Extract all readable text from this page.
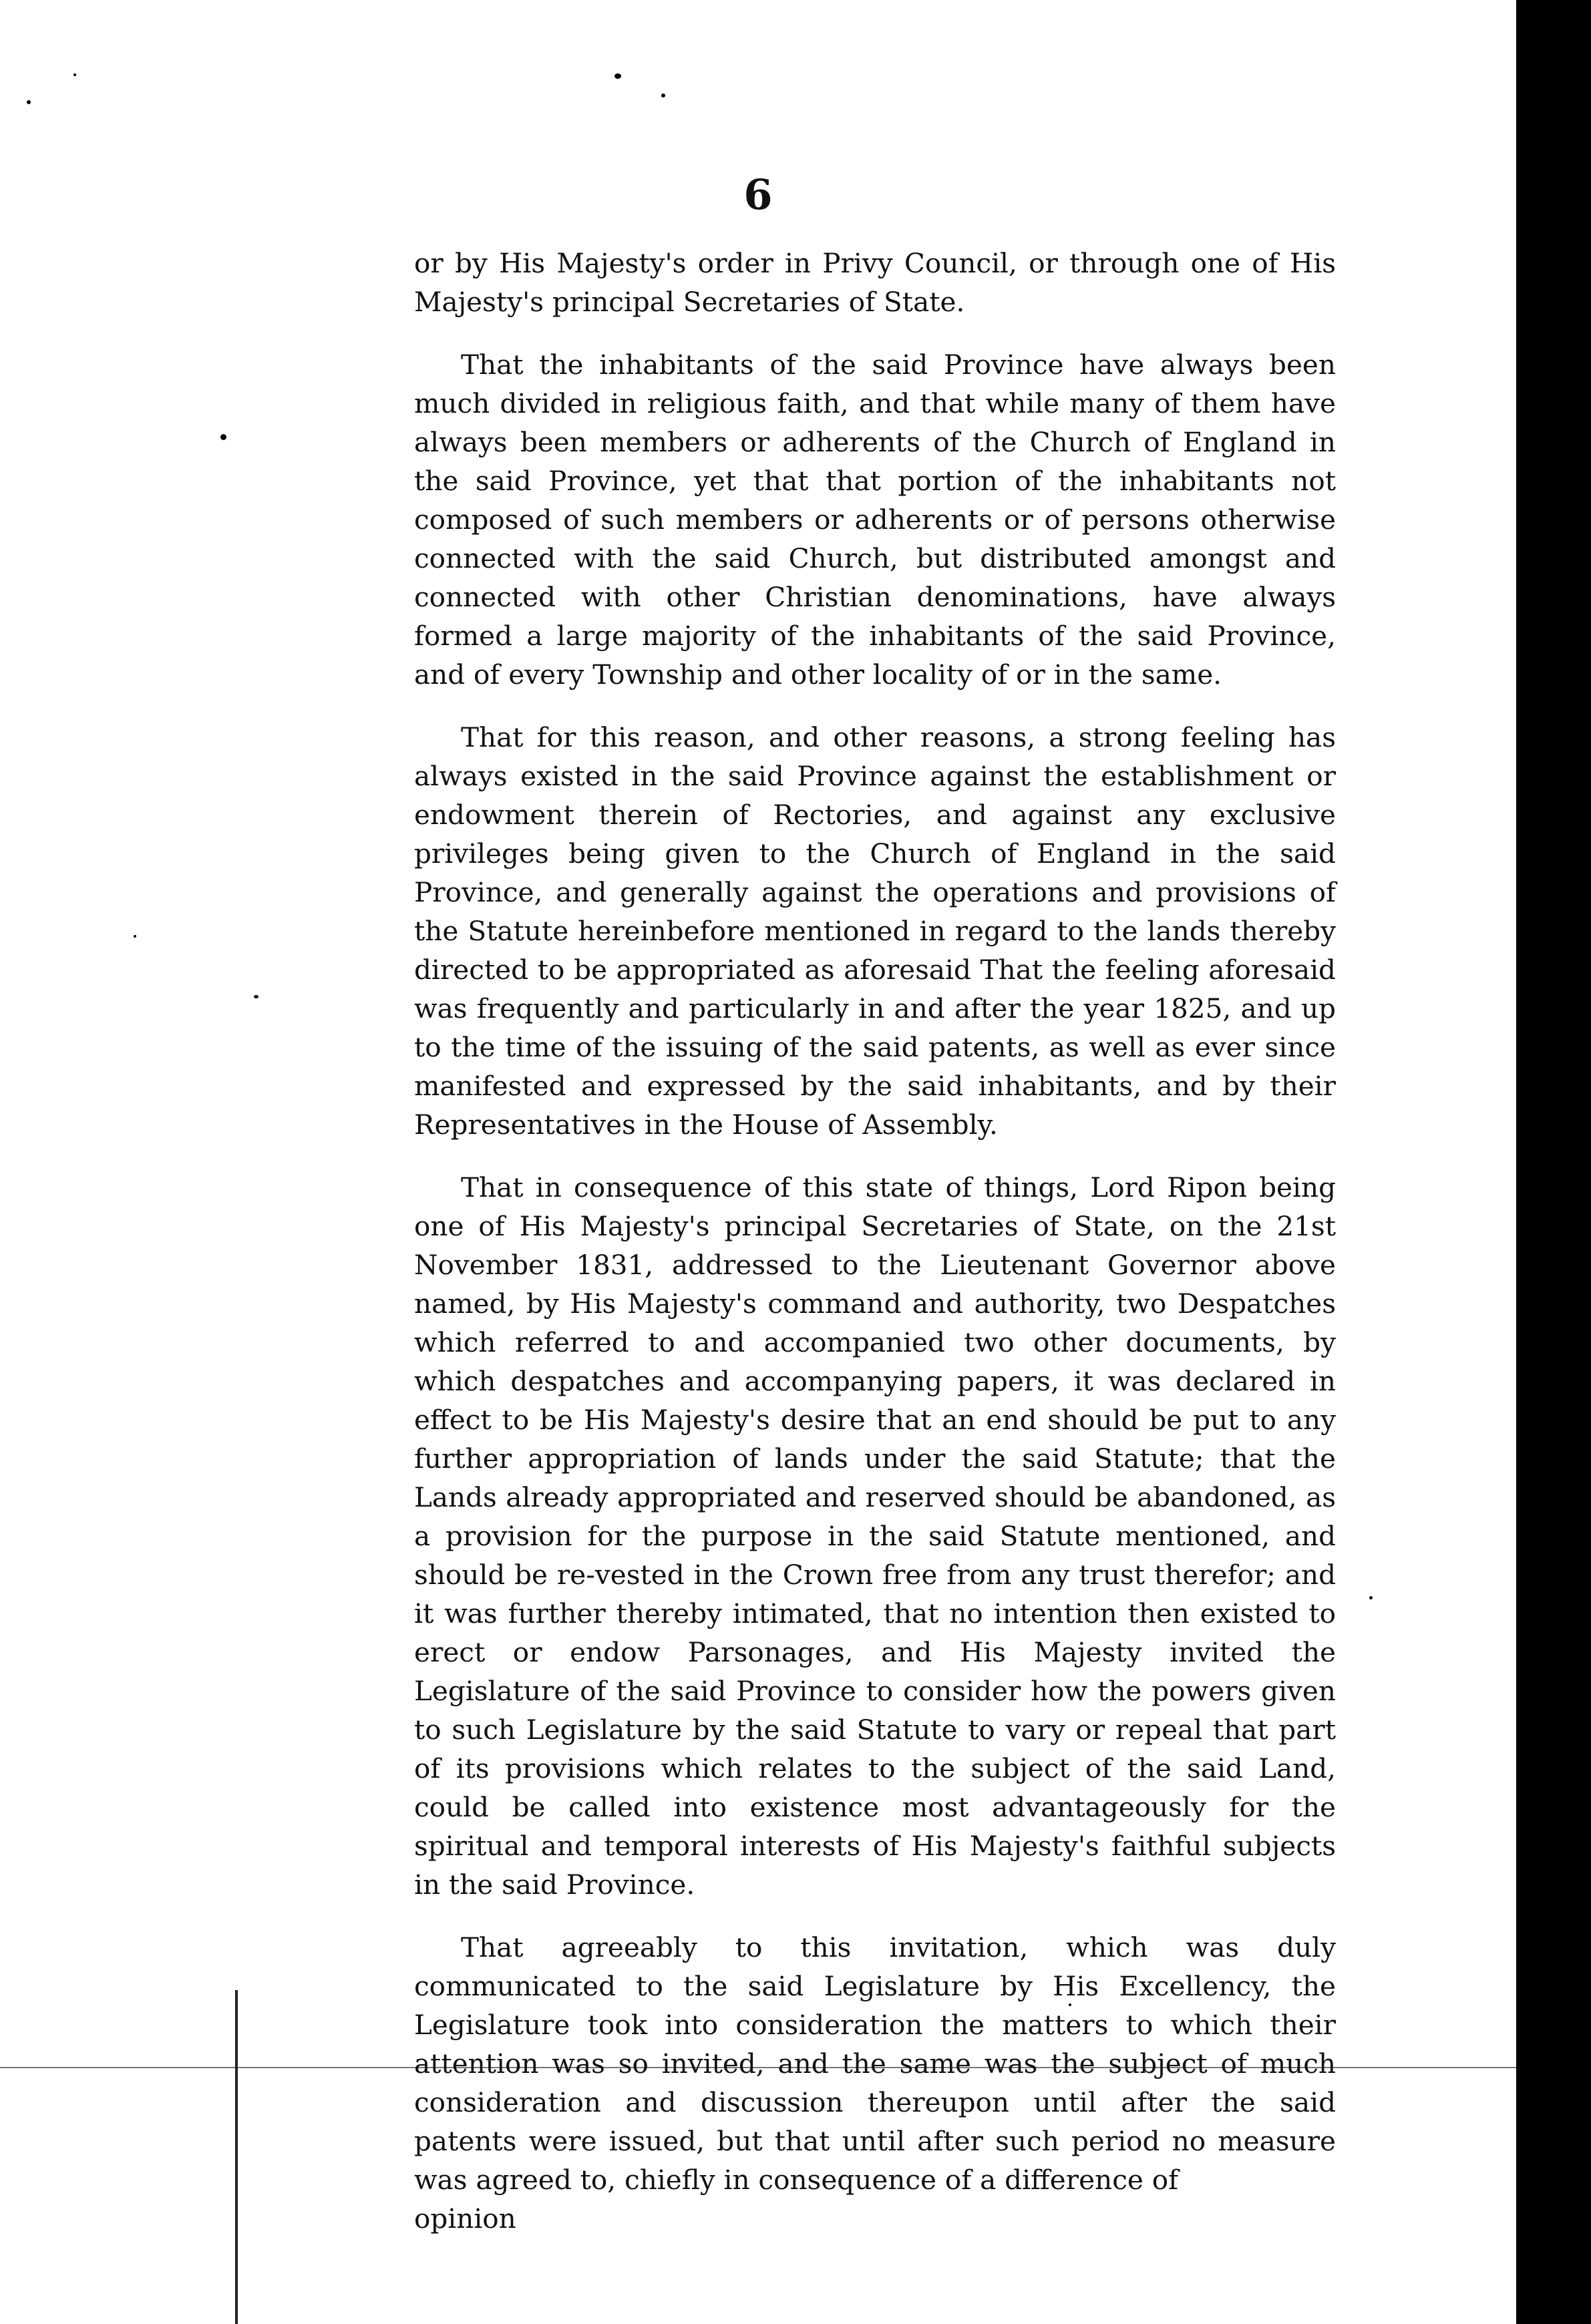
6

or by His Majesty's order in Privy Council, or through one of His Majesty's principal Secretaries of State.

That the inhabitants of the said Province have always been much divided in religious faith, and that while many of them have always been members or adherents of the Church of England in the said Province, yet that that portion of the inhabitants not composed of such members or adherents or of persons otherwise connected with the said Church, but distributed amongst and connected with other Christian denominations, have always formed a large majority of the inhabitants of the said Province, and of every Township and other locality of or in the same.

That for this reason, and other reasons, a strong feeling has always existed in the said Province against the establishment or endowment therein of Rectories, and against any exclusive privileges being given to the Church of England in the said Province, and generally against the operations and provisions of the Statute hereinbefore mentioned in regard to the lands thereby directed to be appropriated as aforesaid That the feeling aforesaid was frequently and particularly in and after the year 1825, and up to the time of the issuing of the said patents, as well as ever since manifested and expressed by the said inhabitants, and by their Representatives in the House of Assembly.

That in consequence of this state of things, Lord Ripon being one of His Majesty's principal Secretaries of State, on the 21st November 1831, addressed to the Lieutenant Governor above named, by His Majesty's command and authority, two Despatches which referred to and accompanied two other documents, by which despatches and accompanying papers, it was declared in effect to be His Majesty's desire that an end should be put to any further appropriation of lands under the said Statute; that the Lands already appropriated and reserved should be abandoned, as a provision for the purpose in the said Statute mentioned, and should be re-vested in the Crown free from any trust therefor; and it was further thereby intimated, that no intention then existed to erect or endow Parsonages, and His Majesty invited the Legislature of the said Province to consider how the powers given to such Legislature by the said Statute to vary or repeal that part of its provisions which relates to the subject of the said Land, could be called into existence most advantageously for the spiritual and temporal interests of His Majesty's faithful subjects in the said Province.

That agreeably to this invitation, which was duly communicated to the said Legislature by His Excellency, the Legislature took into consideration the matters to which their attention was so invited, and the same was the subject of much consideration and discussion thereupon until after the said patents were issued, but that until after such period no measure was agreed to, chiefly in consequence of a difference of

opinion
